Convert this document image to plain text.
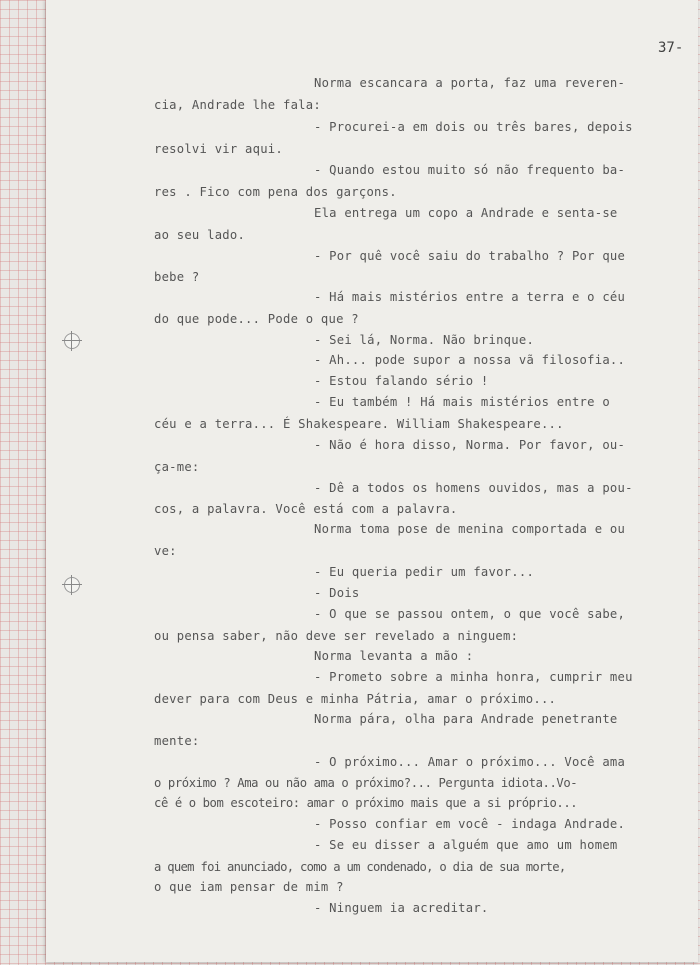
37-
Norma escancara a porta, faz uma reveren-
cia, Andrade lhe fala:
- Procurei-a em dois ou três bares, depois
resolvi vir aqui.
- Quando estou muito só não frequento ba-
res . Fico com pena dos garçons.
Ela entrega um copo a Andrade e senta-se
ao seu lado.
- Por quê você saiu do trabalho ? Por que
bebe ?
- Há mais mistérios entre a terra e o céu
do que pode... Pode o que ?
- Sei lá, Norma. Não brinque.
- Ah... pode supor a nossa vã filosofia..
- Estou falando sério !
- Eu também ! Há mais mistérios entre o
céu e a terra... É Shakespeare. William Shakespeare...
- Não é hora disso, Norma. Por favor, ou-
ça-me:
- Dê a todos os homens ouvidos, mas a pou-
cos, a palavra. Você está com a palavra.
Norma toma pose de menina comportada e ou
ve:
- Eu queria pedir um favor...
- Dois
- O que se passou ontem, o que você sabe,
ou pensa saber, não deve ser revelado a ninguem:
Norma levanta a mão :
- Prometo sobre a minha honra, cumprir meu
dever para com Deus e minha Pátria, amar o próximo...
Norma pára, olha para Andrade penetrante
mente:
- O próximo... Amar o próximo... Você ama
o próximo ? Ama ou não ama o próximo?... Pergunta idiota..Vo-
cê é o bom escoteiro: amar o próximo mais que a si próprio...
- Posso confiar em você - indaga Andrade.
- Se eu disser a alguém que amo um homem
a quem foi anunciado, como a um condenado, o dia de sua morte,
o que iam pensar de mim ?
- Ninguem ia acreditar.
